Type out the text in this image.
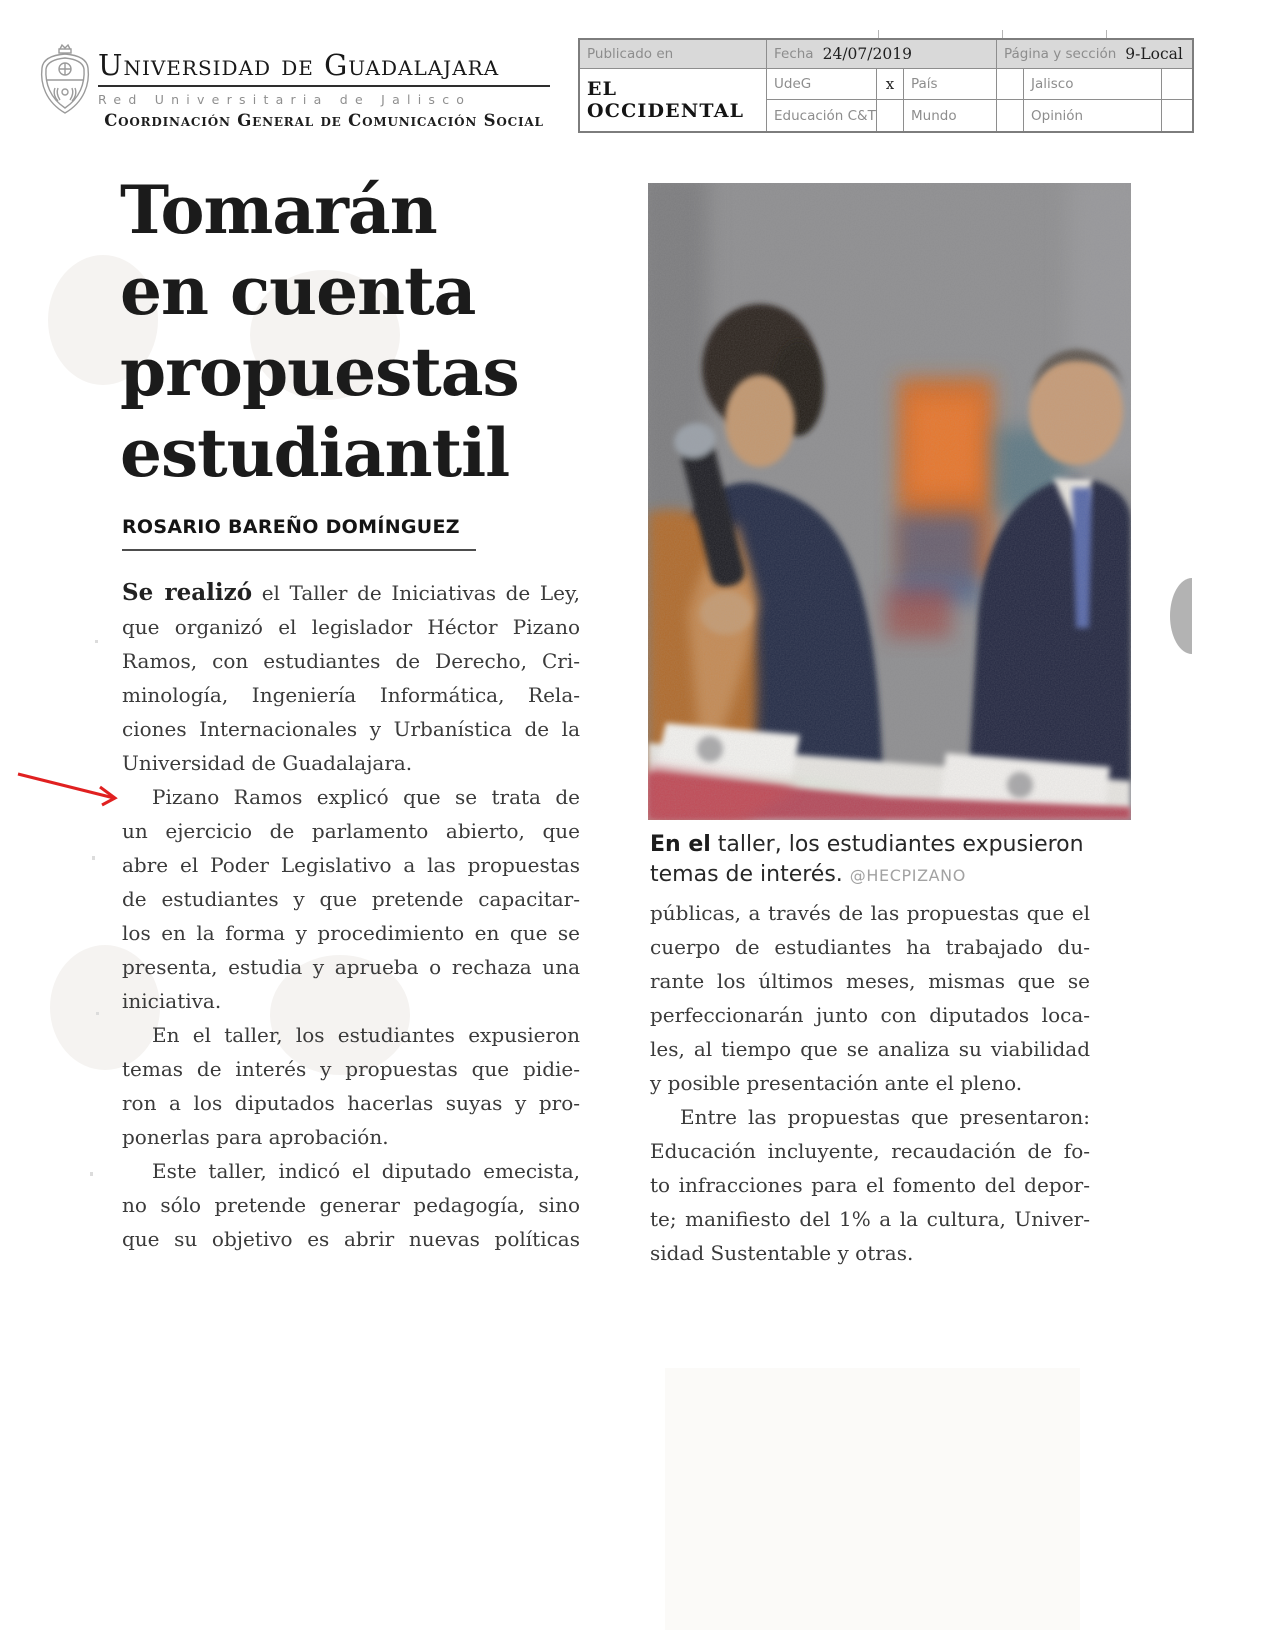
Universidad de Guadalajara
Red Universitaria de Jalisco
Coordinación General de Comunicación Social
Publicado en	Fecha 24/07/2019	Página y sección 9-Local
EL OCCIDENTAL
UdeG	x País	Jalisco
Educación C&T	Mundo	Opinión
Tomarán
en cuenta
propuestas
estudiantil
ROSARIO BAREÑO DOMÍNGUEZ
Se realizó el Taller de Iniciativas de Ley,
que organizó el legislador Héctor Pizano
Ramos, con estudiantes de Derecho, Cri-
minología, Ingeniería Informática, Rela-
ciones Internacionales y Urbanística de la
Universidad de Guadalajara.
Pizano Ramos explicó que se trata de
un ejercicio de parlamento abierto, que
abre el Poder Legislativo a las propuestas
de estudiantes y que pretende capacitar-
los en la forma y procedimiento en que se
presenta, estudia y aprueba o rechaza una
iniciativa.
En el taller, los estudiantes expusieron
temas de interés y propuestas que pidie-
ron a los diputados hacerlas suyas y pro-
ponerlas para aprobación.
Este taller, indicó el diputado emecista,
no sólo pretende generar pedagogía, sino
que su objetivo es abrir nuevas políticas
En el taller, los estudiantes expusieron temas de interés. @HECPIZANO
públicas, a través de las propuestas que el
cuerpo de estudiantes ha trabajado du-
rante los últimos meses, mismas que se
perfeccionarán junto con diputados loca-
les, al tiempo que se analiza su viabilidad
y posible presentación ante el pleno.
Entre las propuestas que presentaron:
Educación incluyente, recaudación de fo-
to infracciones para el fomento del depor-
te; manifiesto del 1% a la cultura, Univer-
sidad Sustentable y otras.
